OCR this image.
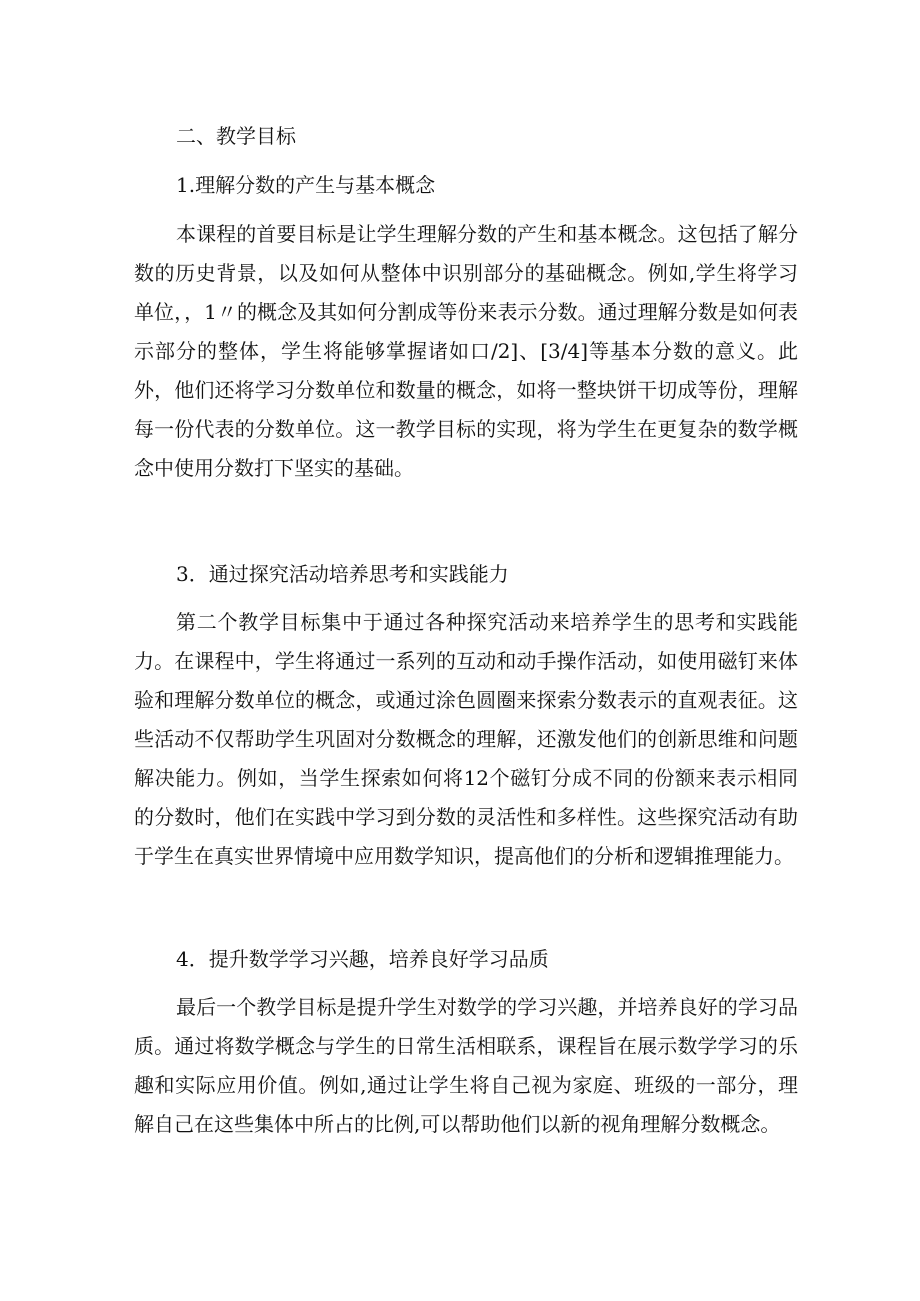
二、教学目标
1.理解分数的产生与基本概念

本课程的首要目标是让学生理解分数的产生和基本概念。这包括了解分数的历史背景，以及如何从整体中识别部分的基础概念。例如,学生将学习单位，，1〃的概念及其如何分割成等份来表示分数。通过理解分数是如何表示部分的整体，学生将能够掌握诸如口/2]、[3/4]等基本分数的意义。此外，他们还将学习分数单位和数量的概念，如将一整块饼干切成等份，理解每一份代表的分数单位。这一教学目标的实现，将为学生在更复杂的数学概念中使用分数打下坚实的基础。

3．通过探究活动培养思考和实践能力

第二个教学目标集中于通过各种探究活动来培养学生的思考和实践能力。在课程中，学生将通过一系列的互动和动手操作活动，如使用磁钉来体验和理解分数单位的概念，或通过涂色圆圈来探索分数表示的直观表征。这些活动不仅帮助学生巩固对分数概念的理解，还激发他们的创新思维和问题解决能力。例如，当学生探索如何将12个磁钉分成不同的份额来表示相同的分数时，他们在实践中学习到分数的灵活性和多样性。这些探究活动有助于学生在真实世界情境中应用数学知识，提高他们的分析和逻辑推理能力。

4．提升数学学习兴趣，培养良好学习品质

最后一个教学目标是提升学生对数学的学习兴趣，并培养良好的学习品质。通过将数学概念与学生的日常生活相联系，课程旨在展示数学学习的乐趣和实际应用价值。例如,通过让学生将自己视为家庭、班级的一部分，理解自己在这些集体中所占的比例,可以帮助他们以新的视角理解分数概念。
